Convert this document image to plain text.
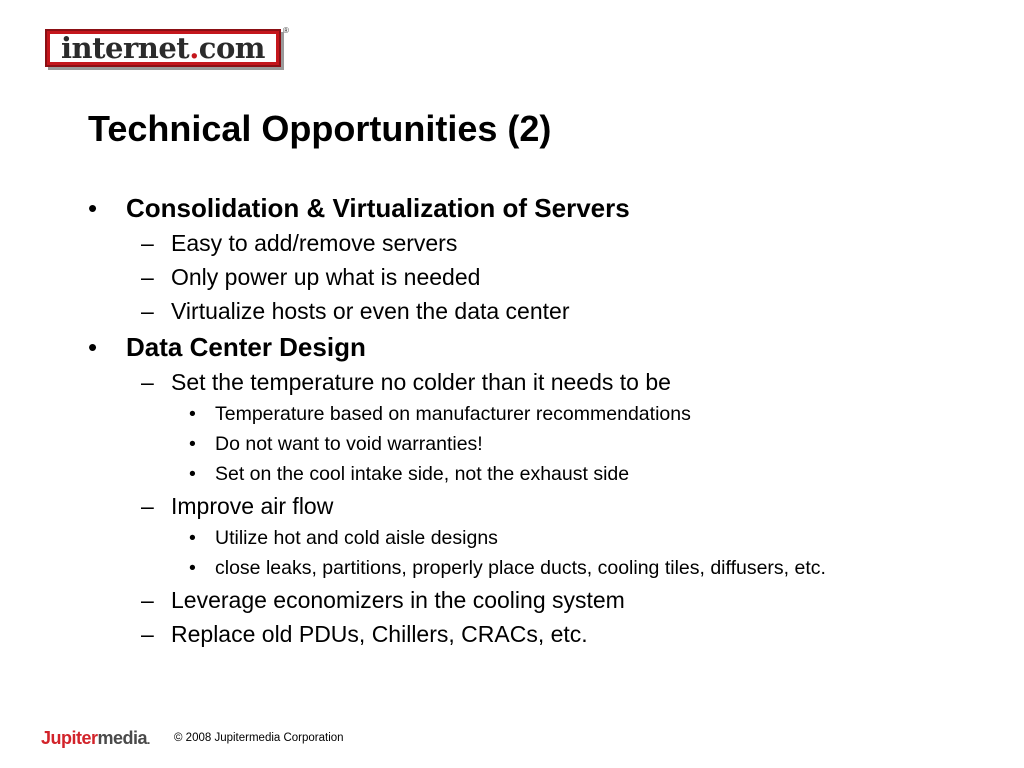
internet . com
®
Technical Opportunities (2)
• Consolidation & Virtualization of Servers
– Easy to add/remove servers
– Only power up what is needed
– Virtualize hosts or even the data center
• Data Center Design
– Set the temperature no colder than it needs to be
• Temperature based on manufacturer recommendations
• Do not want to void warranties!
• Set on the cool intake side, not the exhaust side
– Improve air flow
• Utilize hot and cold aisle designs
• close leaks, partitions, properly place ducts, cooling tiles, diffusers, etc.
– Leverage economizers in the cooling system
– Replace old PDUs, Chillers, CRACs, etc.
Jupitermedia. © 2008 Jupitermedia Corporation
